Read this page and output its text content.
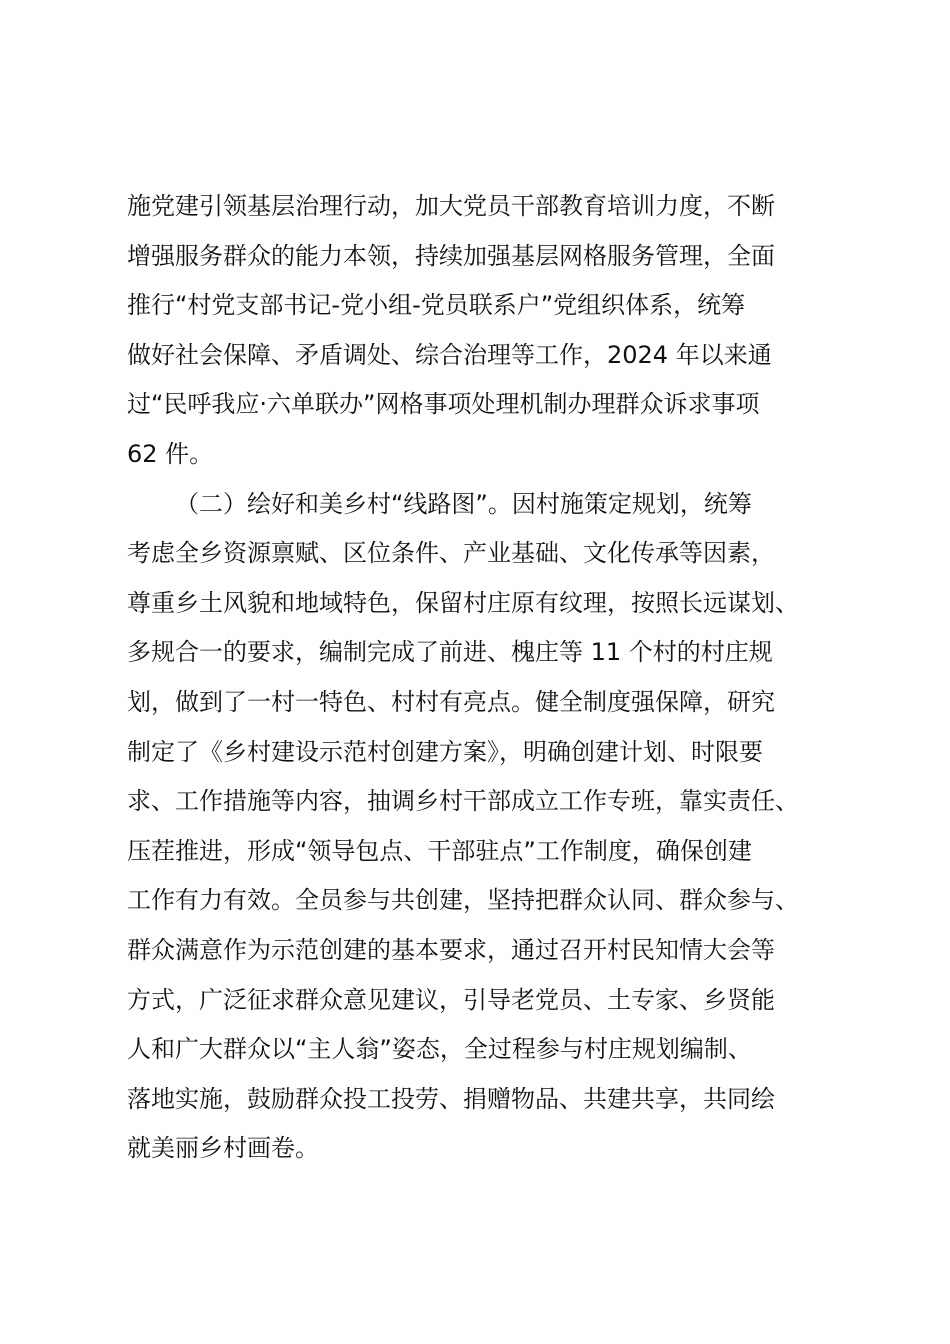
施党建引领基层治理行动，加大党员干部教育培训力度，不断
增强服务群众的能力本领，持续加强基层网格服务管理，全面
推行“村党支部书记-党小组-党员联系户”党组织体系，统筹
做好社会保障、矛盾调处、综合治理等工作，2024 年以来通
过“民呼我应·六单联办”网格事项处理机制办理群众诉求事项
62 件。
（二）绘好和美乡村“线路图”。因村施策定规划，统筹
考虑全乡资源禀赋、区位条件、产业基础、文化传承等因素，
尊重乡土风貌和地域特色，保留村庄原有纹理，按照长远谋划、
多规合一的要求，编制完成了前进、槐庄等 11 个村的村庄规
划，做到了一村一特色、村村有亮点。健全制度强保障，研究
制定了《乡村建设示范村创建方案》，明确创建计划、时限要
求、工作措施等内容，抽调乡村干部成立工作专班，靠实责任、
压茬推进，形成“领导包点、干部驻点”工作制度，确保创建
工作有力有效。全员参与共创建，坚持把群众认同、群众参与、
群众满意作为示范创建的基本要求，通过召开村民知情大会等
方式，广泛征求群众意见建议，引导老党员、土专家、乡贤能
人和广大群众以“主人翁”姿态，全过程参与村庄规划编制、
落地实施，鼓励群众投工投劳、捐赠物品、共建共享，共同绘
就美丽乡村画卷。
